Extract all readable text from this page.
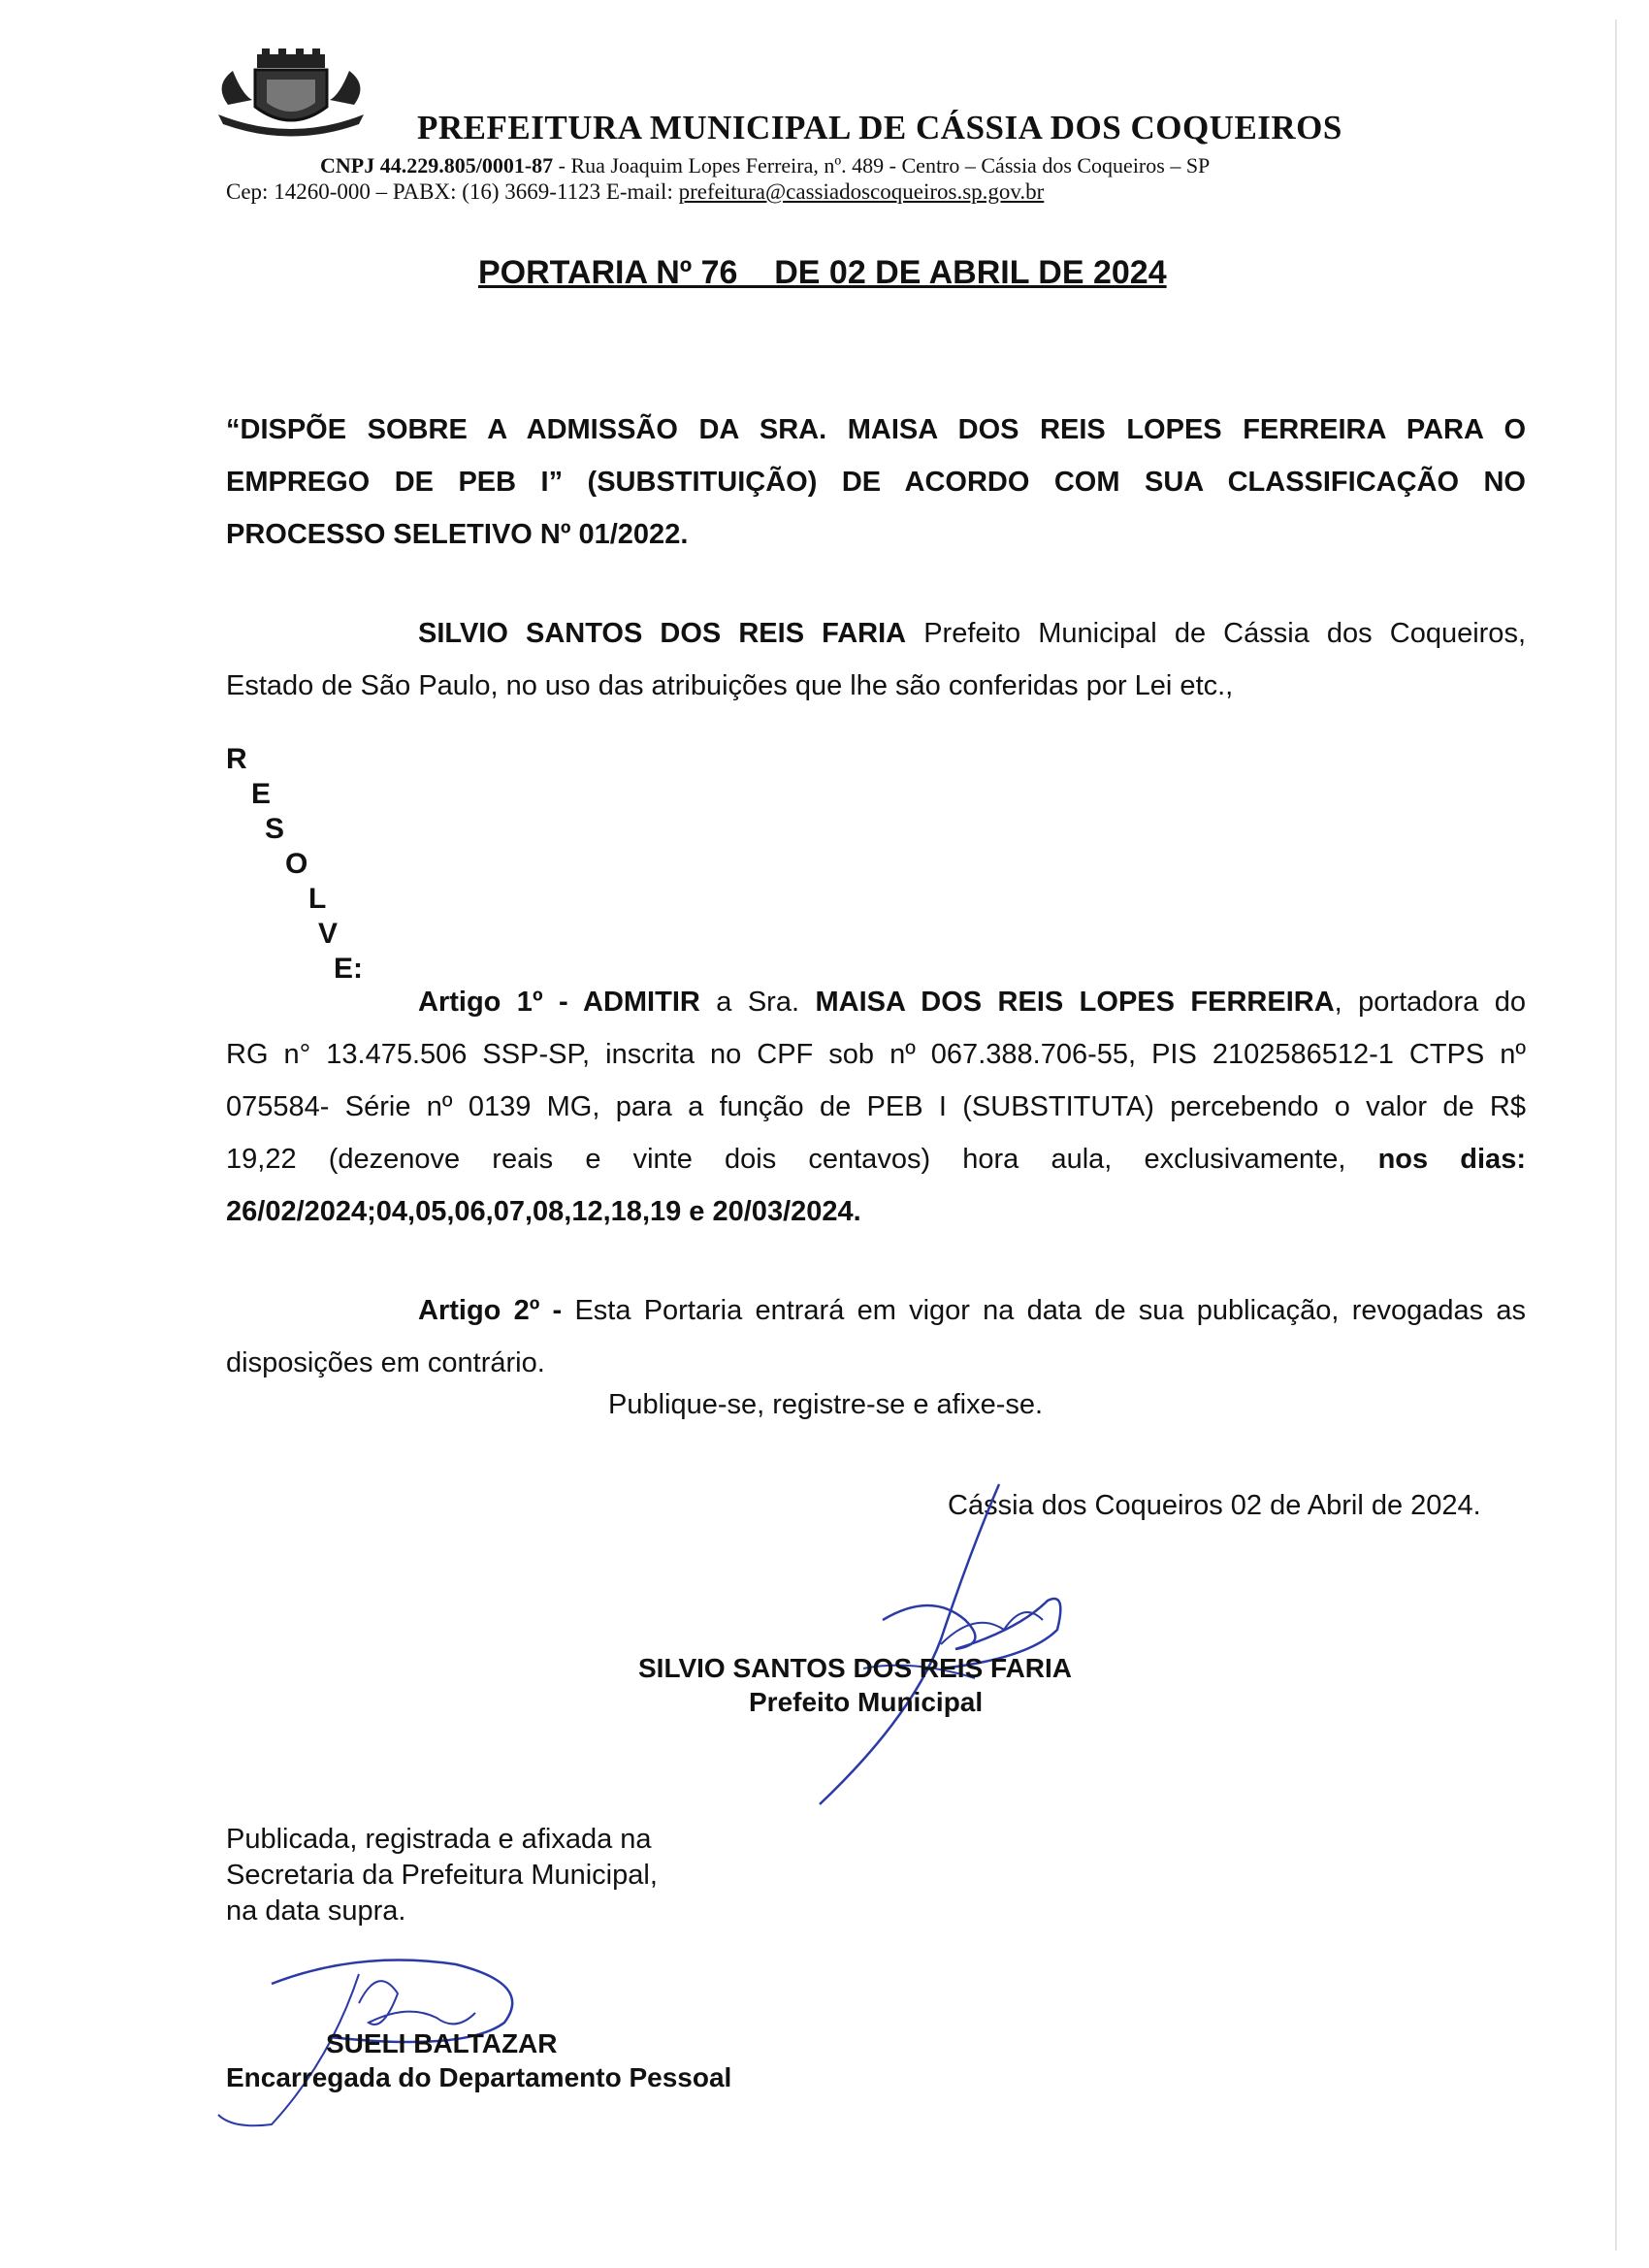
PREFEITURA MUNICIPAL DE CÁSSIA DOS COQUEIROS
CNPJ 44.229.805/0001-87 - Rua Joaquim Lopes Ferreira, nº. 489 - Centro – Cássia dos Coqueiros – SP
Cep: 14260-000 – PABX: (16) 3669-1123 E-mail: prefeitura@cassiadoscoqueiros.sp.gov.br
PORTARIA Nº 76    DE 02 DE ABRIL DE 2024
“DISPÕE SOBRE A ADMISSÃO DA SRA. MAISA DOS REIS LOPES FERREIRA PARA O
EMPREGO DE PEB I” (SUBSTITUIÇÃO) DE ACORDO COM SUA CLASSIFICAÇÃO NO
PROCESSO SELETIVO Nº 01/2022.
SILVIO SANTOS DOS REIS FARIA Prefeito Municipal de Cássia dos Coqueiros,
Estado de São Paulo, no uso das atribuições que lhe são conferidas por Lei etc.,
R
E
S
O
L
V
E:
Artigo 1º - ADMITIR a Sra. MAISA DOS REIS LOPES FERREIRA, portadora do
RG n° 13.475.506 SSP-SP, inscrita no CPF sob nº 067.388.706-55, PIS 2102586512-1 CTPS nº
075584- Série nº 0139 MG, para a função de PEB I (SUBSTITUTA) percebendo o valor de R$
19,22 (dezenove reais e vinte dois centavos) hora aula, exclusivamente, nos dias:
26/02/2024;04,05,06,07,08,12,18,19 e 20/03/2024.
Artigo 2º - Esta Portaria entrará em vigor na data de sua publicação, revogadas as
disposições em contrário.
Publique-se, registre-se e afixe-se.
Cássia dos Coqueiros 02 de Abril de 2024.
SILVIO SANTOS DOS REIS FARIA
Prefeito Municipal
Publicada, registrada e afixada na
Secretaria da Prefeitura Municipal,
na data supra.
SUELI BALTAZAR
Encarregada do Departamento Pessoal
